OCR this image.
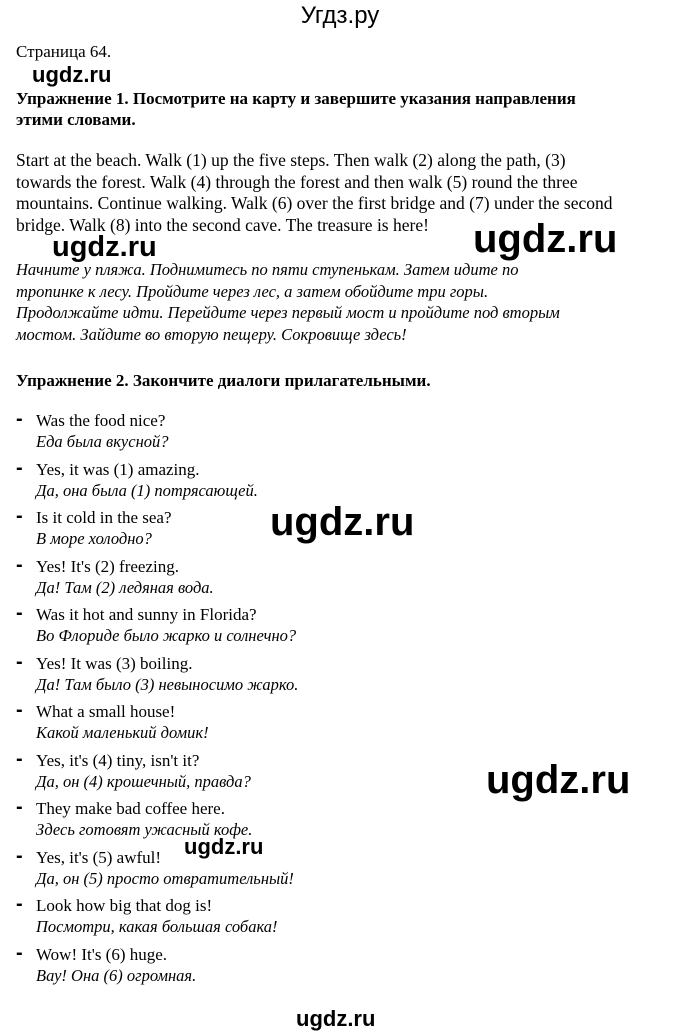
Угдз.ру
Страница 64.
Упражнение 1. Посмотрите на карту и завершите указания направления
этими словами.
Start at the beach. Walk (1) up the five steps. Then walk (2) along the path, (3)
towards the forest. Walk (4) through the forest and then walk (5) round the three
mountains. Continue walking. Walk (6) over the first bridge and (7) under the second
bridge. Walk (8) into the second cave. The treasure is here!
Начните у пляжа. Поднимитесь по пяти ступенькам. Затем идите по
тропинке к лесу. Пройдите через лес, а затем обойдите три горы.
Продолжайте идти. Перейдите через первый мост и пройдите под вторым
мостом. Зайдите во вторую пещеру. Сокровище здесь!
Упражнение 2. Закончите диалоги прилагательными.
- Was the food nice?
Еда была вкусной?
- Yes, it was (1) amazing.
Да, она была (1) потрясающей.
- Is it cold in the sea?
В море холодно?
- Yes! It's (2) freezing.
Да! Там (2) ледяная вода.
- Was it hot and sunny in Florida?
Во Флориде было жарко и солнечно?
- Yes! It was (3) boiling.
Да! Там было (3) невыносимо жарко.
- What a small house!
Какой маленький домик!
- Yes, it's (4) tiny, isn't it?
Да, он (4) крошечный, правда?
- They make bad coffee here.
Здесь готовят ужасный кофе.
- Yes, it's (5) awful!
Да, он (5) просто отвратительный!
- Look how big that dog is!
Посмотри, какая большая собака!
- Wow! It's (6) huge.
Вау! Она (6) огромная.
ugdz.ru
ugdz.ru	ugdz.ru
ugdz.ru
ugdz.ru
ugdz.ru
ugdz.ru
